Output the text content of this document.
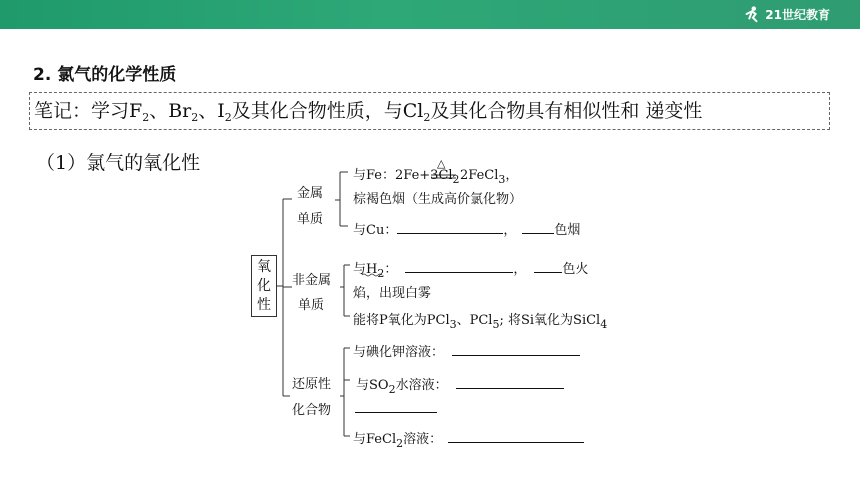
21世纪教育
2. 氯气的化学性质
笔记：学习$F_2$、$Br_2$、$I_2$及其化合物性质，与$Cl_2$及其化合物具有相似性和 递变性
（1）氯气的氧化性
氧
化
性
金属
单质
非金属
单质
还原性
化合物
与Fe：$2Fe+3Cl_2$
△
2FeCl$_3$，
棕褐色烟（生成高价氯化物）
与Cu：	，	色烟
与$H_2$：	，	色火
焰，出现白雾
能将P氧化为PCl$_3$、PCl$_5$; 将Si氧化为SiCl$_4$
与碘化钾溶液：
与$SO_2$水溶液：
与FeCl$_2$溶液：
